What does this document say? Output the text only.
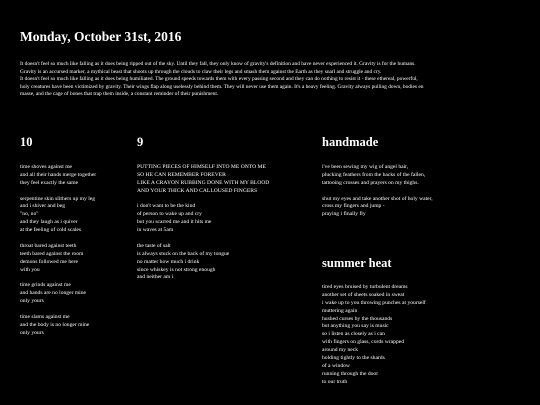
Monday, October 31st, 2016

It doesn't feel so much like falling as it does being ripped out of the sky. Until they fall, they only know of gravity's definition and have never experienced it. Gravity is for the humans.

Gravity is an accursed marker, a mythical beast that shoots up through the clouds to claw their legs and smash them against the Earth as they snarl and struggle and cry.

It doesn't feel so much like falling as it does being humiliated. The ground speeds towards them with every passing second and they can do nothing to resist it - these ethereal, powerful,

holy creatures have been victimized by gravity. Their wings flap along uselessly behind them. They will never use them again. It's a heavy feeling. Gravity always pulling down, bodies en

masse, and the cage of bones that trap them inside, a constant reminder of their punishment.

10
time shoves against me
and all their hands merge together
they feel exactly the same
serpentine skin slithers up my leg
and i shiver and beg
"no, no"
and they laugh as i quiver
at the feeling of cold scales
throat bared against teeth
teeth bared against the room
demons followed me here
with you
time grinds against me
and hands are no longer mine
only yours
time slams against me
and the body is no longer mine
only yours
9
PUTTING PIECES OF HIMSELF INTO ME ONTO ME
SO HE CAN REMEMBER FOREVER
LIKE A CRAYON RUBBING DONE WITH MY BLOOD
AND YOUR THICK AND CALLOUSED FINGERS
i don't want to be the kind
of person to wake up and cry
but you scarred me and it hits me
in waves at 5am
the taste of salt
is always stuck on the back of my tongue
no matter how much i drink
since whiskey is not strong enough
and neither am i
handmade
i've been sewing my wig of angel hair,
plucking feathers from the backs of the fallen,
tattooing crosses and prayers on my thighs.
shut my eyes and take another shot of holy water,
cross my fingers and jump -
praying i finally fly
summer heat
tired eyes bruised by turbulent dreams
another set of sheets soaked in sweat
i wake up to you throwing punches at yourself
muttering again
hushed curses by the thousands
but anything you say is music
so i listen as closely as i can
with fingers on glass, cords wrapped
around my neck
holding tightly to the shards
of a window
running through the door
to our truth
